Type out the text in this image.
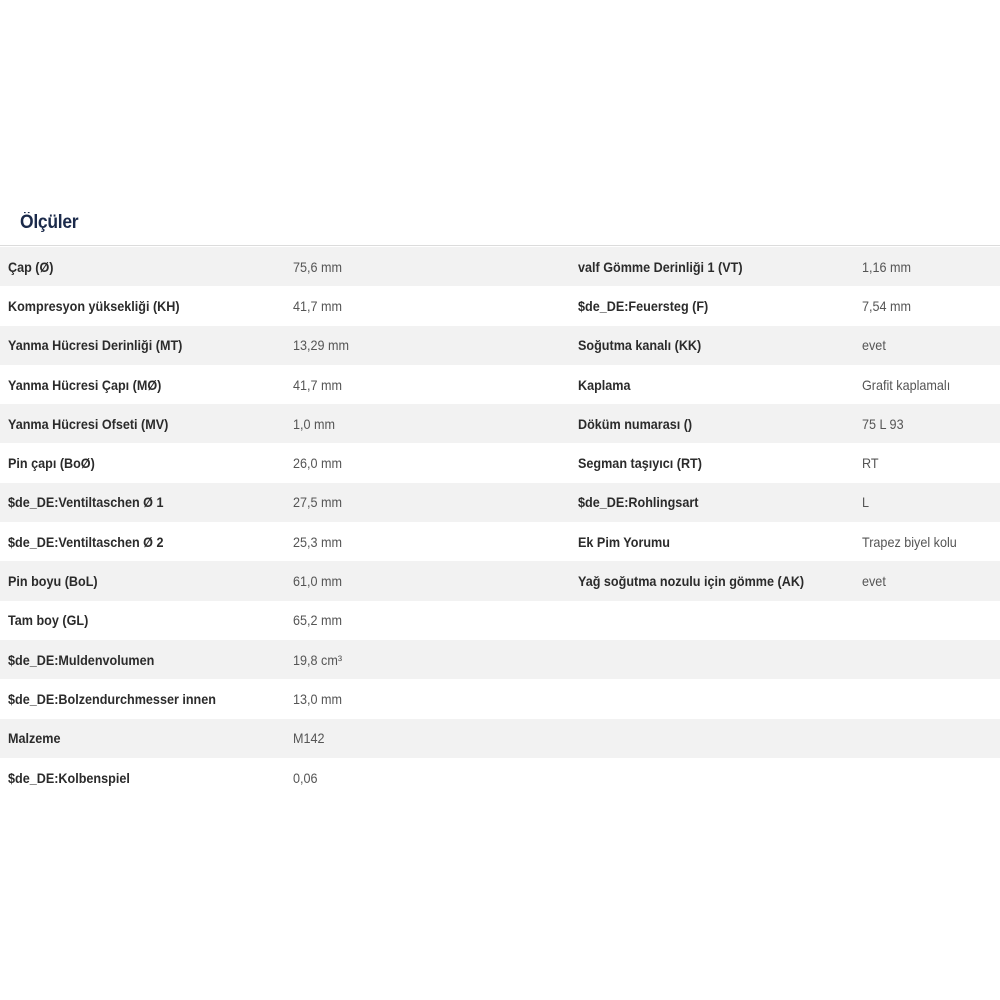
Ölçüler
Çap (Ø)	75,6 mm	valf Gömme Derinliği 1 (VT)	1,16 mm
Kompresyon yüksekliği (KH)	41,7 mm	$de_DE:Feuersteg (F)	7,54 mm
Yanma Hücresi Derinliği (MT)	13,29 mm	Soğutma kanalı (KK)	evet
Yanma Hücresi Çapı (MØ)	41,7 mm	Kaplama	Grafit kaplamalı
Yanma Hücresi Ofseti (MV)	1,0 mm	Döküm numarası ()	75 L 93
Pin çapı (BoØ)	26,0 mm	Segman taşıyıcı (RT)	RT
$de_DE:Ventiltaschen Ø 1	27,5 mm	$de_DE:Rohlingsart	L
$de_DE:Ventiltaschen Ø 2	25,3 mm	Ek Pim Yorumu	Trapez biyel kolu
Pin boyu (BoL)	61,0 mm	Yağ soğutma nozulu için gömme (AK)	evet
Tam boy (GL)	65,2 mm
$de_DE:Muldenvolumen	19,8 cm³
$de_DE:Bolzendurchmesser innen	13,0 mm
Malzeme	M142
$de_DE:Kolbenspiel	0,06
